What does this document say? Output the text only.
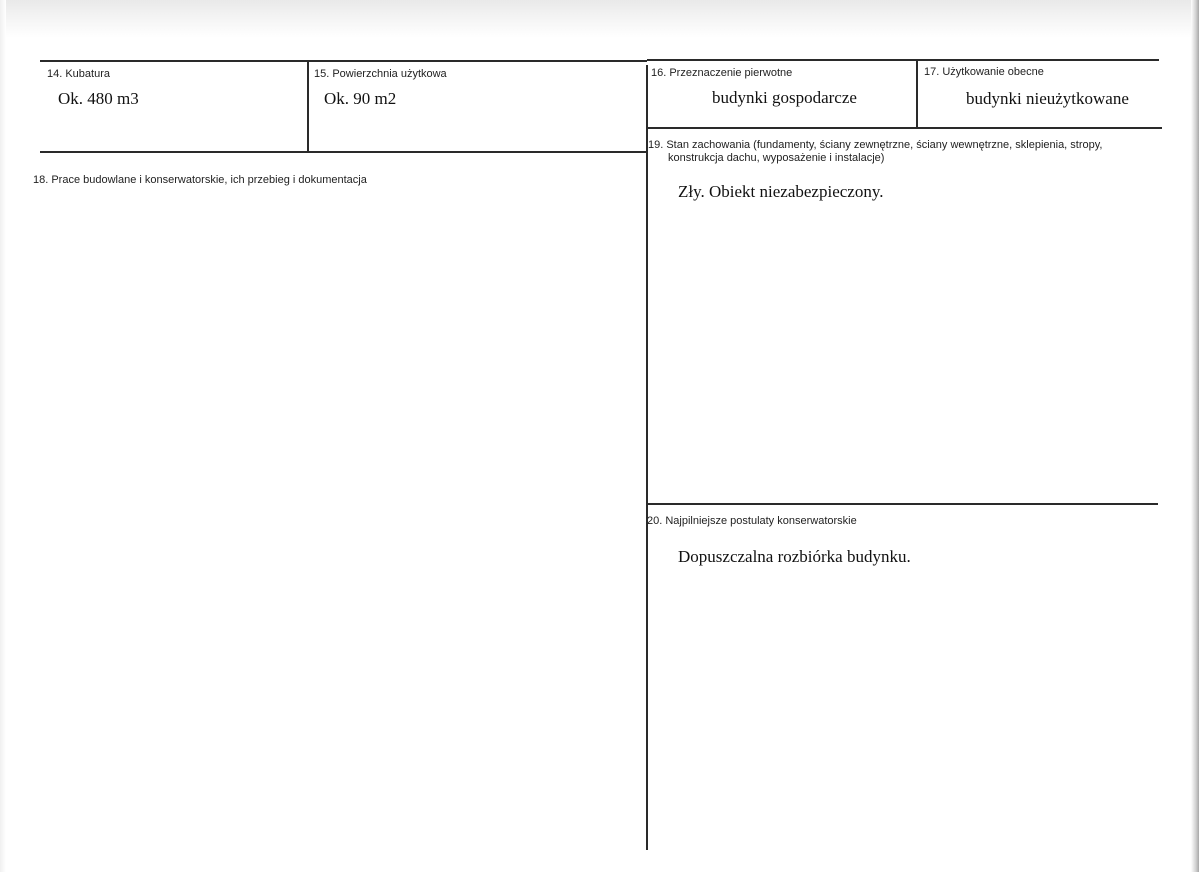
14. Kubatura
Ok. 480 m3
15. Powierzchnia użytkowa
Ok. 90 m2
16. Przeznaczenie pierwotne
budynki gospodarcze
17. Użytkowanie obecne
budynki nieużytkowane
18. Prace budowlane i konserwatorskie, ich przebieg i dokumentacja
19. Stan zachowania (fundamenty, ściany zewnętrzne, ściany wewnętrzne, sklepienia, stropy,
konstrukcja dachu, wyposażenie i instalacje)
Zły. Obiekt niezabezpieczony.
20. Najpilniejsze postulaty konserwatorskie
Dopuszczalna rozbiórka budynku.
